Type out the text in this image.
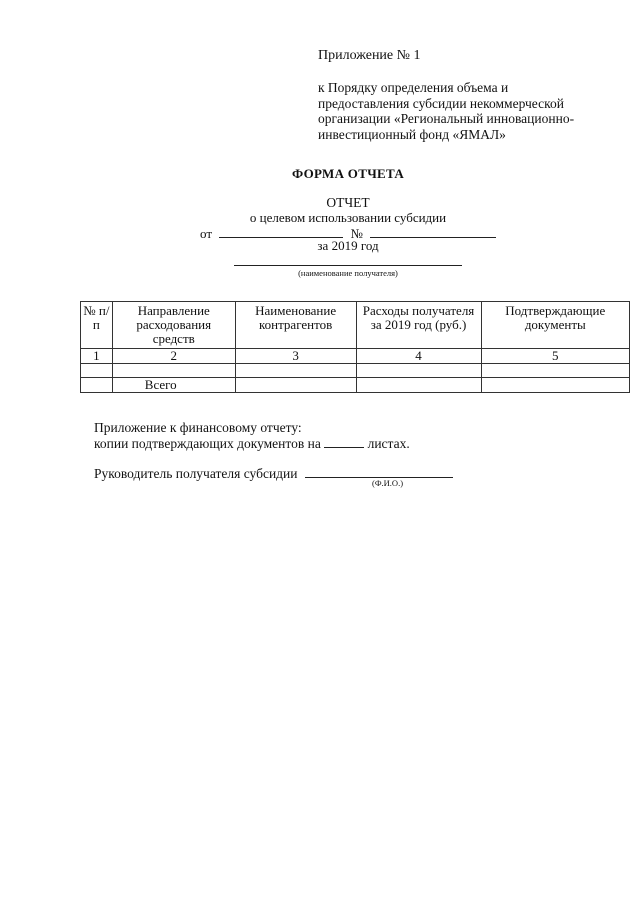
Приложение № 1
к Порядку определения объема и
предоставления субсидии некоммерческой
организации «Региональный инновационно-
инвестиционный фонд «ЯМАЛ»
ФОРМА ОТЧЕТА
ОТЧЕТ
о целевом использовании субсидии
от	№
за 2019 год
(наименование получателя)
№ п/п	Направление расходования средств	Наименование контрагентов	Расходы получателя за 2019 год (руб.)	Подтверждающие документы
1	2	3	4	5

	Всего			
Приложение к финансовому отчету:
копии подтверждающих документов на	листах.
Руководитель получателя субсидии
(Ф.И.О.)
